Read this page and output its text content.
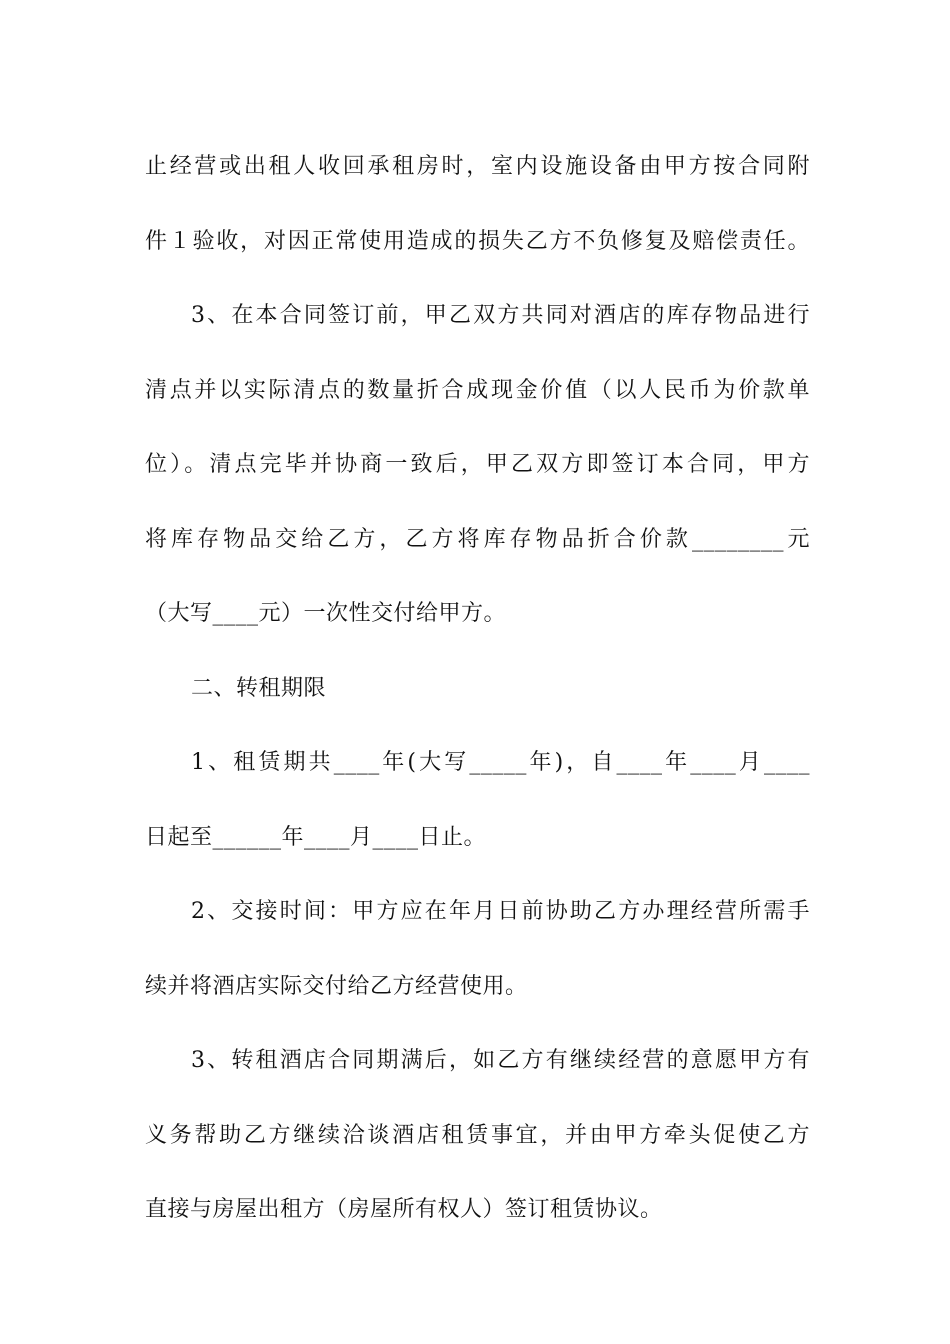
止经营或出租人收回承租房时，室内设施设备由甲方按合同附
件１验收，对因正常使用造成的损失乙方不负修复及赔偿责任。
3、在本合同签订前，甲乙双方共同对酒店的库存物品进行
清点并以实际清点的数量折合成现金价值（以人民币为价款单
位）。清点完毕并协商一致后，甲乙双方即签订本合同，甲方
将库存物品交给乙方，乙方将库存物品折合价款________元
（大写____元）一次性交付给甲方。
二、转租期限
1、租赁期共____年(大写_____年)，自____年____月____
日起至______年____月____日止。
2、交接时间：甲方应在年月日前协助乙方办理经营所需手
续并将酒店实际交付给乙方经营使用。
3、转租酒店合同期满后，如乙方有继续经营的意愿甲方有
义务帮助乙方继续洽谈酒店租赁事宜，并由甲方牵头促使乙方
直接与房屋出租方（房屋所有权人）签订租赁协议。
